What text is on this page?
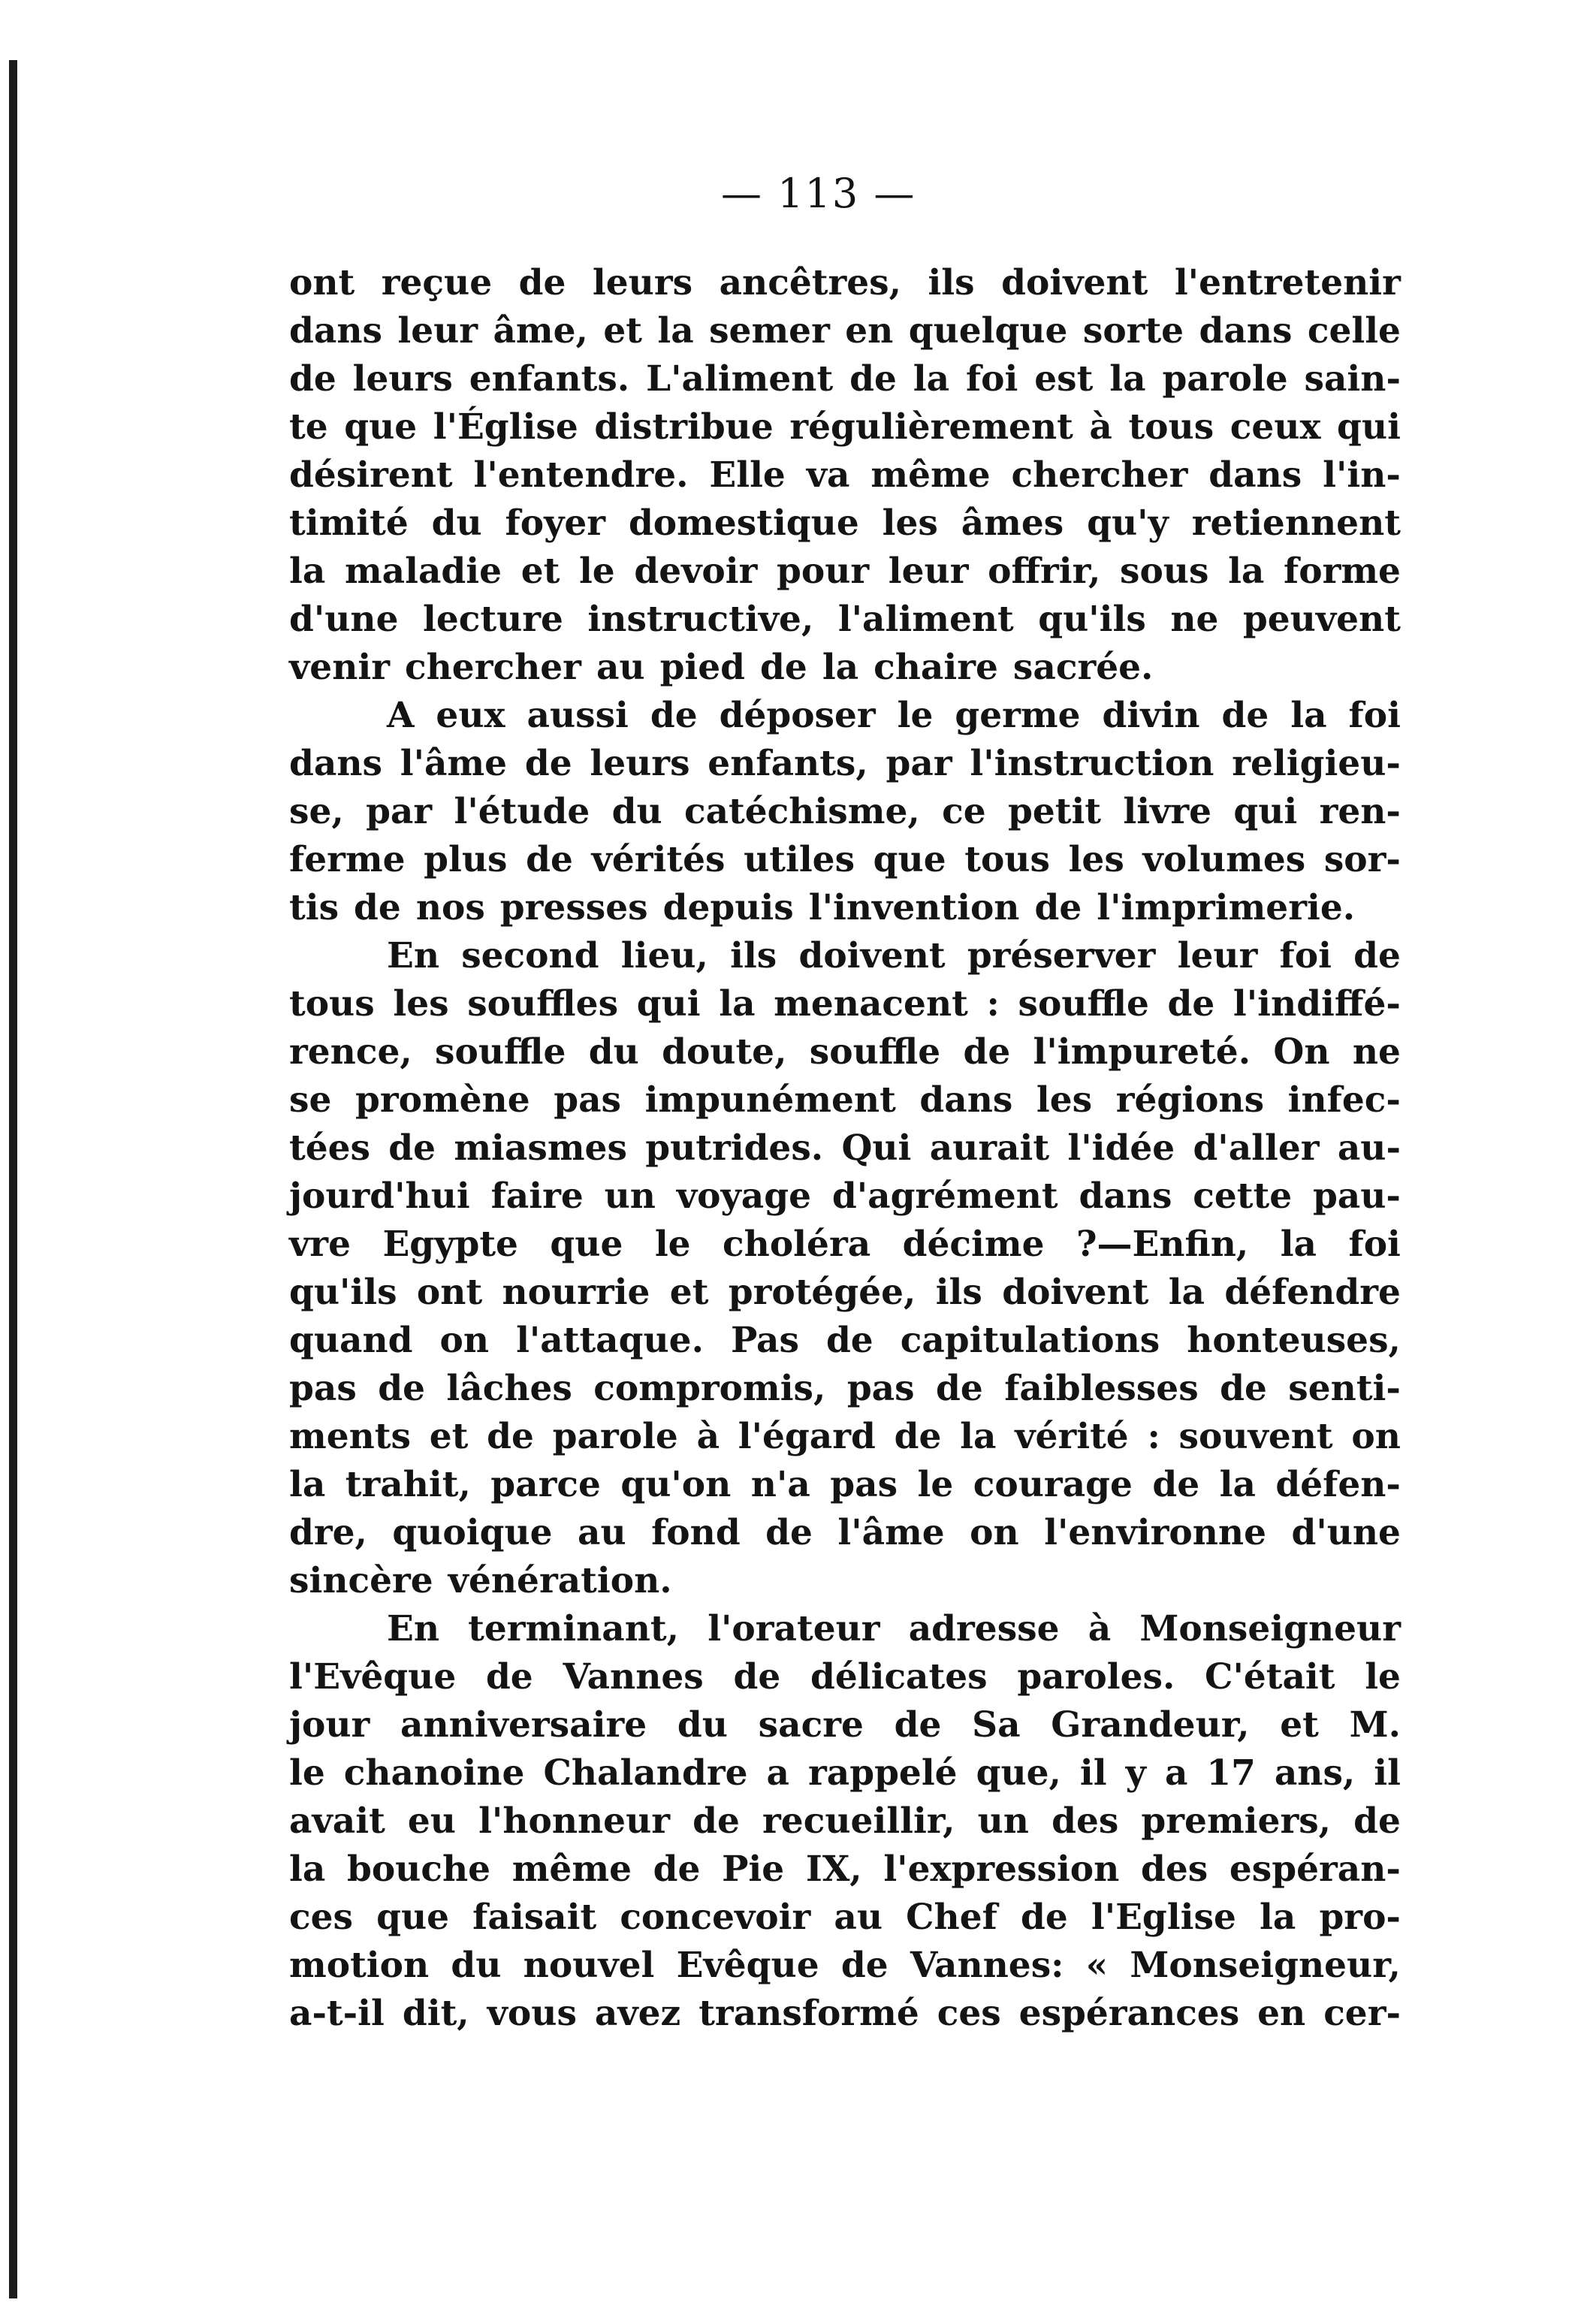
— 113 —
ont reçue de leurs ancêtres, ils doivent l'entretenir
dans leur âme, et la semer en quelque sorte dans celle
de leurs enfants. L'aliment de la foi est la parole sain-
te que l'Église distribue régulièrement à tous ceux qui
désirent l'entendre. Elle va même chercher dans l'in-
timité du foyer domestique les âmes qu'y retiennent
la maladie et le devoir pour leur offrir, sous la forme
d'une lecture instructive, l'aliment qu'ils ne peuvent
venir chercher au pied de la chaire sacrée.
A eux aussi de déposer le germe divin de la foi
dans l'âme de leurs enfants, par l'instruction religieu-
se, par l'étude du catéchisme, ce petit livre qui ren-
ferme plus de vérités utiles que tous les volumes sor-
tis de nos presses depuis l'invention de l'imprimerie.
En second lieu, ils doivent préserver leur foi de
tous les souffles qui la menacent : souffle de l'indiffé-
rence, souffle du doute, souffle de l'impureté. On ne
se promène pas impunément dans les régions infec-
tées de miasmes putrides. Qui aurait l'idée d'aller au-
jourd'hui faire un voyage d'agrément dans cette pau-
vre Egypte que le choléra décime ?—Enfin, la foi
qu'ils ont nourrie et protégée, ils doivent la défendre
quand on l'attaque. Pas de capitulations honteuses,
pas de lâches compromis, pas de faiblesses de senti-
ments et de parole à l'égard de la vérité : souvent on
la trahit, parce qu'on n'a pas le courage de la défen-
dre, quoique au fond de l'âme on l'environne d'une
sincère vénération.
En terminant, l'orateur adresse à Monseigneur
l'Evêque de Vannes de délicates paroles. C'était le
jour anniversaire du sacre de Sa Grandeur, et M.
le chanoine Chalandre a rappelé que, il y a 17 ans, il
avait eu l'honneur de recueillir, un des premiers, de
la bouche même de Pie IX, l'expression des espéran-
ces que faisait concevoir au Chef de l'Eglise la pro-
motion du nouvel Evêque de Vannes: « Monseigneur,
a-t-il dit, vous avez transformé ces espérances en cer-
